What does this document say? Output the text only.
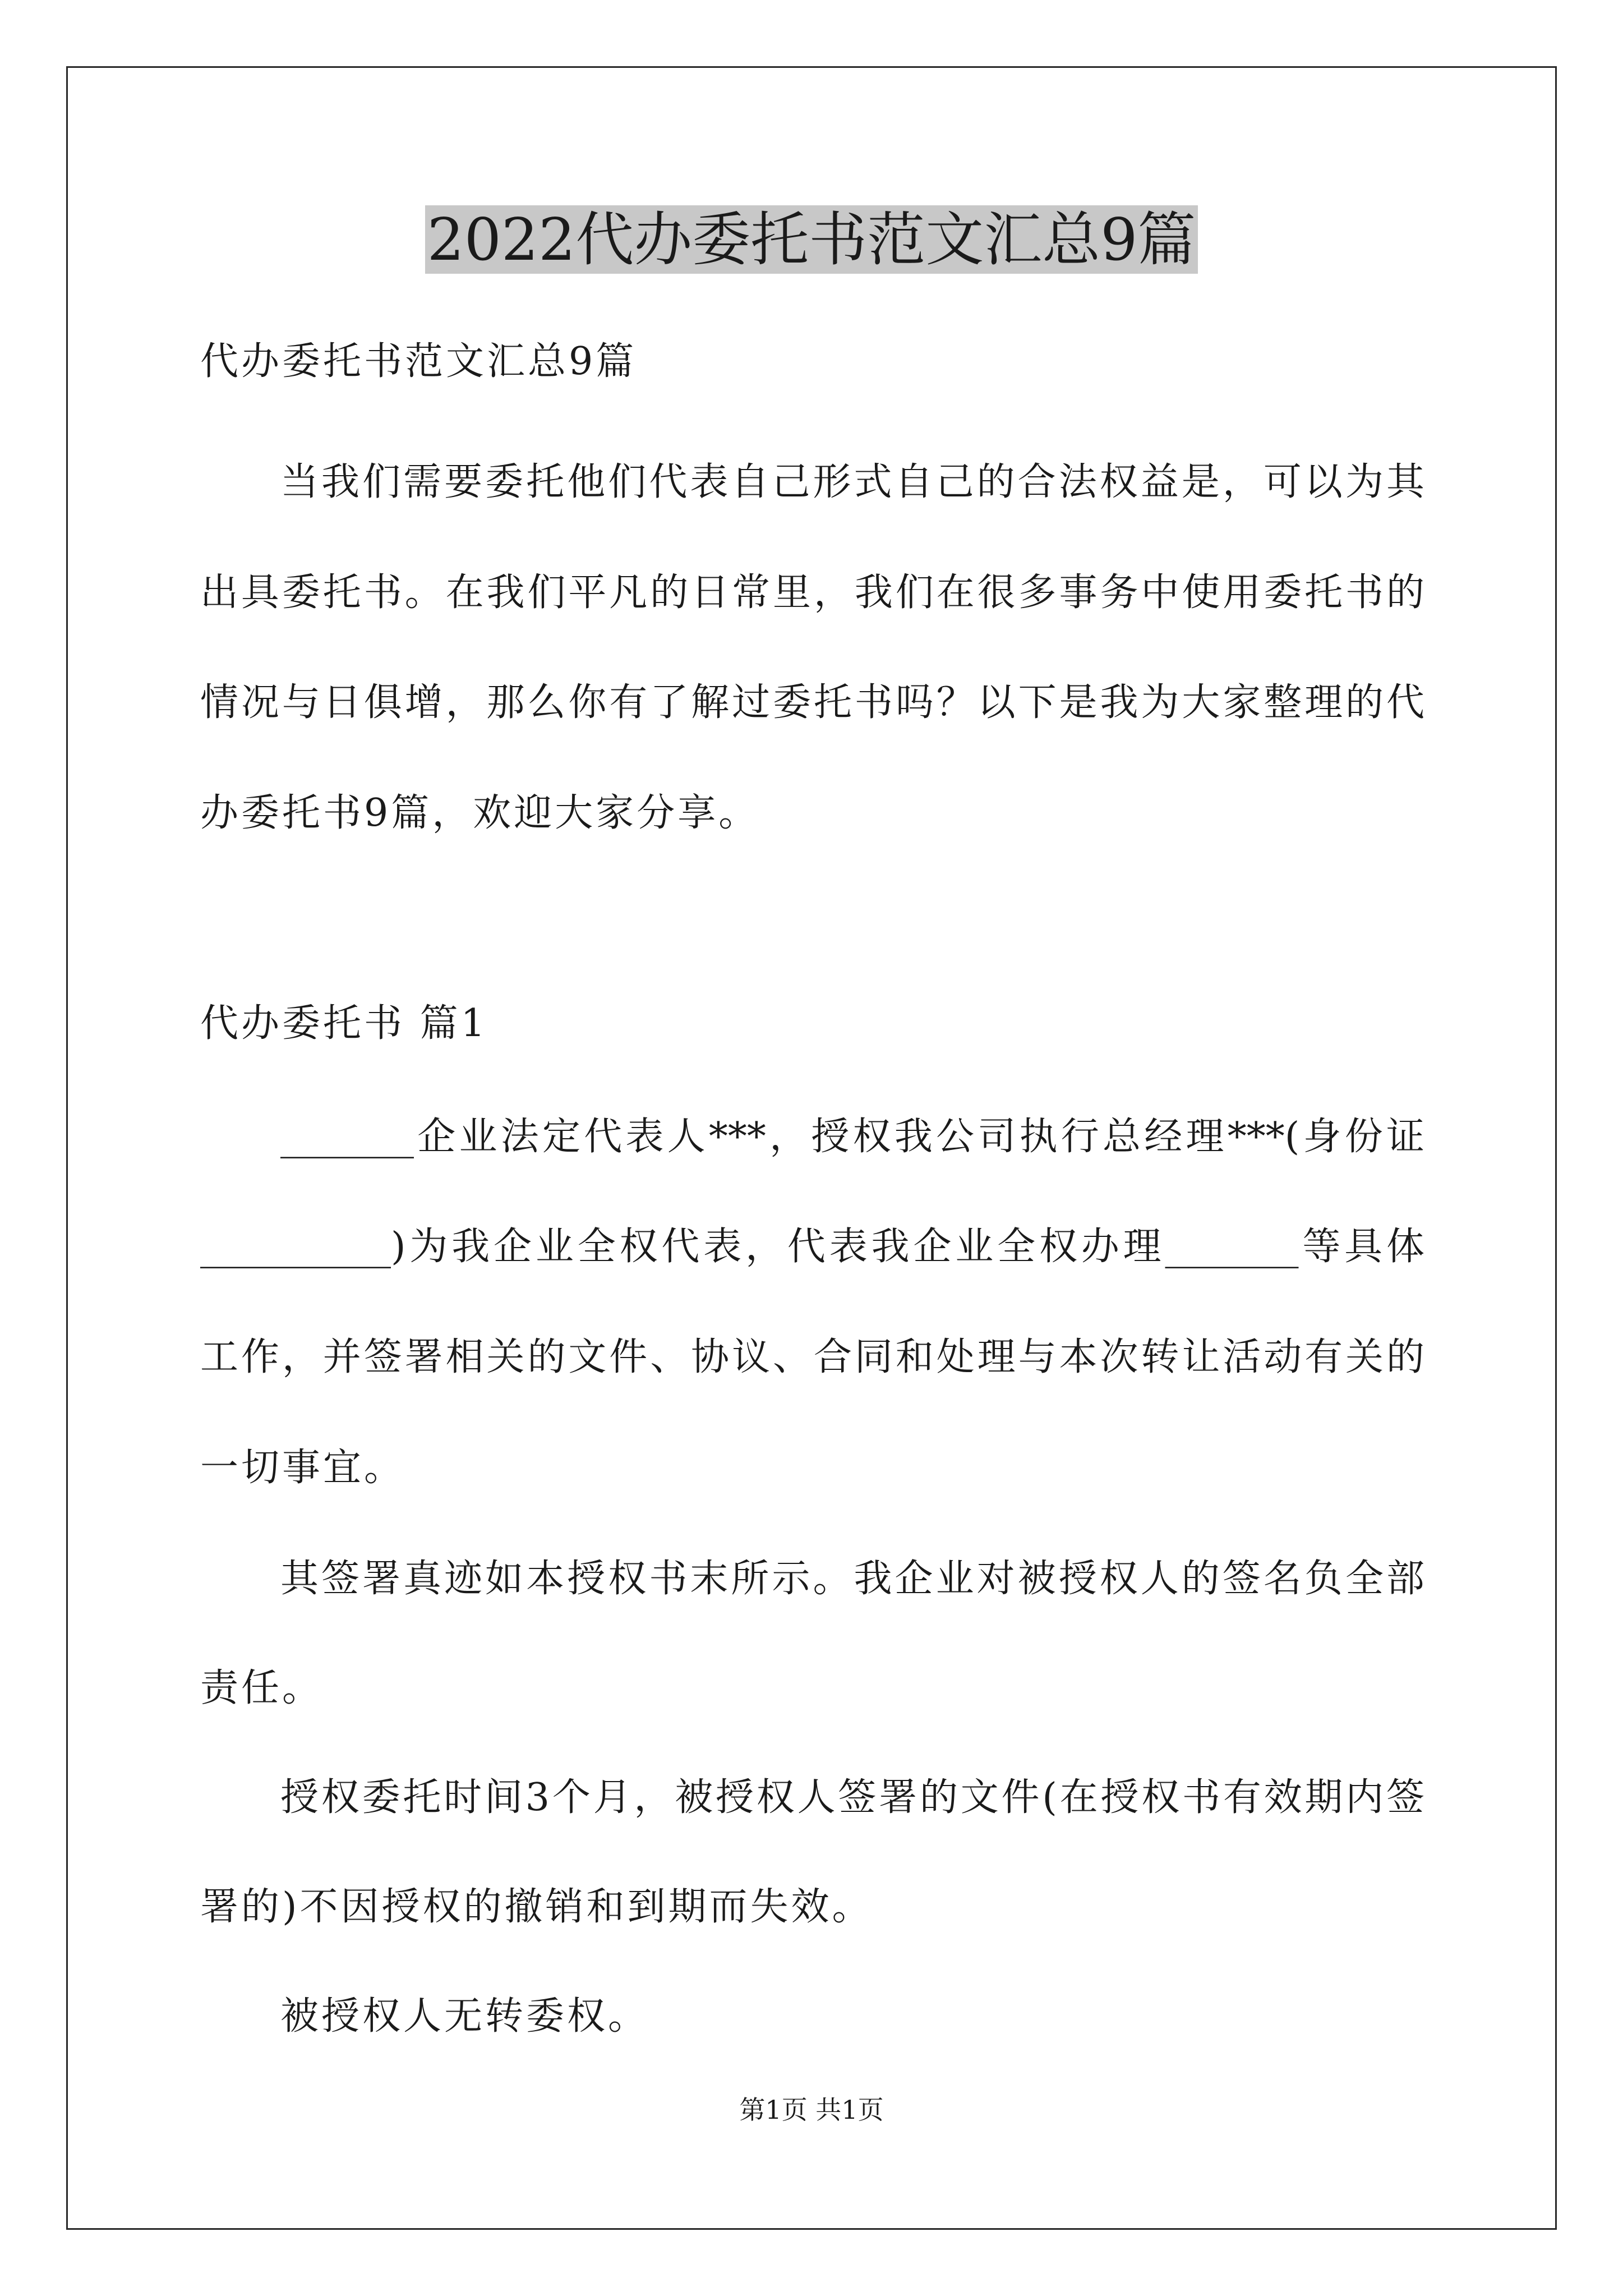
2022代办委托书范文汇总9篇
代办委托书范文汇总9篇
当我们需要委托他们代表自己形式自己的合法权益是，可以为其
出具委托书。在我们平凡的日常里，我们在很多事务中使用委托书的
情况与日俱增，那么你有了解过委托书吗？以下是我为大家整理的代
办委托书9篇，欢迎大家分享。
代办委托书 篇1
_______企业法定代表人***，授权我公司执行总经理***(身份证
__________)为我企业全权代表，代表我企业全权办理_______等具体
工作，并签署相关的文件、协议、合同和处理与本次转让活动有关的
一切事宜。
其签署真迹如本授权书末所示。我企业对被授权人的签名负全部
责任。
授权委托时间3个月，被授权人签署的文件(在授权书有效期内签
署的)不因授权的撤销和到期而失效。
被授权人无转委权。
第1页 共1页
